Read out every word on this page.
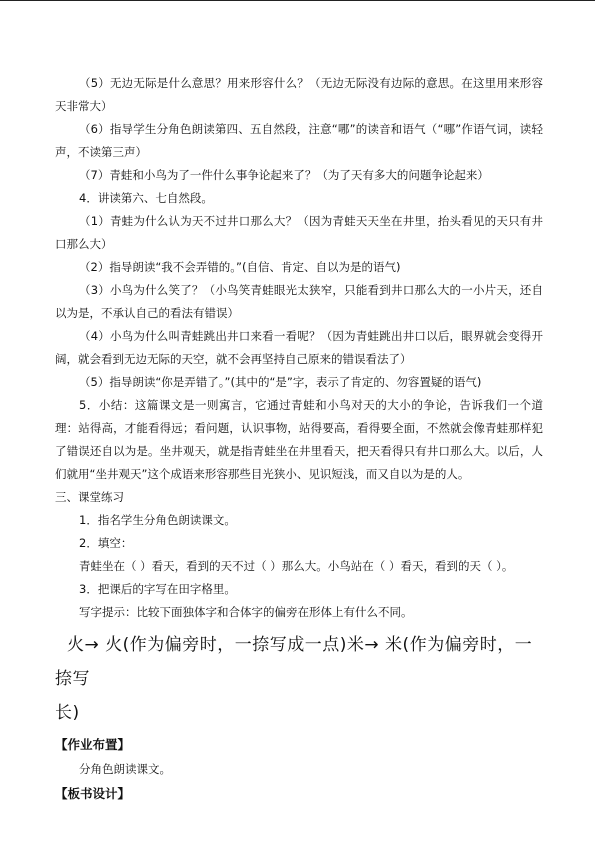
（5）无边无际是什么意思？用来形容什么？（无边无际没有边际的意思。在这里用来形容天非常大）

（6）指导学生分角色朗读第四、五自然段，注意“哪”的读音和语气（“哪”作语气词，读轻声，不读第三声）

（7）青蛙和小鸟为了一件什么事争论起来了？（为了天有多大的问题争论起来）

4．讲读第六、七自然段。

（1）青蛙为什么认为天不过井口那么大？（因为青蛙天天坐在井里，抬头看见的天只有井口那么大）

（2）指导朗读“我不会弄错的。”(自信、肯定、自以为是的语气)

（3）小鸟为什么笑了？（小鸟笑青蛙眼光太狭窄，只能看到井口那么大的一小片天，还自以为是，不承认自己的看法有错误）

（4）小鸟为什么叫青蛙跳出井口来看一看呢？（因为青蛙跳出井口以后，眼界就会变得开阔，就会看到无边无际的天空，就不会再坚持自己原来的错误看法了）

（5）指导朗读“你是弄错了。”(其中的“是”字，表示了肯定的、勿容置疑的语气)

5．小结：这篇课文是一则寓言，它通过青蛙和小鸟对天的大小的争论，告诉我们一个道理：站得高，才能看得远；看问题，认识事物，站得要高，看得要全面，不然就会像青蛙那样犯了错误还自以为是。坐井观天，就是指青蛙坐在井里看天，把天看得只有井口那么大。以后，人们就用“坐井观天”这个成语来形容那些目光狭小、见识短浅，而又自以为是的人。

三、课堂练习

1．指名学生分角色朗读课文。

2．填空：

青蛙坐在（ ）看天，看到的天不过（ ）那么大。小鸟站在（ ）看天，看到的天（ ）。

3．把课后的字写在田字格里。

写字提示：比较下面独体字和合体字的偏旁在形体上有什么不同。

火→ 火(作为偏旁时，一捺写成一点)米→ 米(作为偏旁时，一捺写

长)

【作业布置】

分角色朗读课文。

【板书设计】
